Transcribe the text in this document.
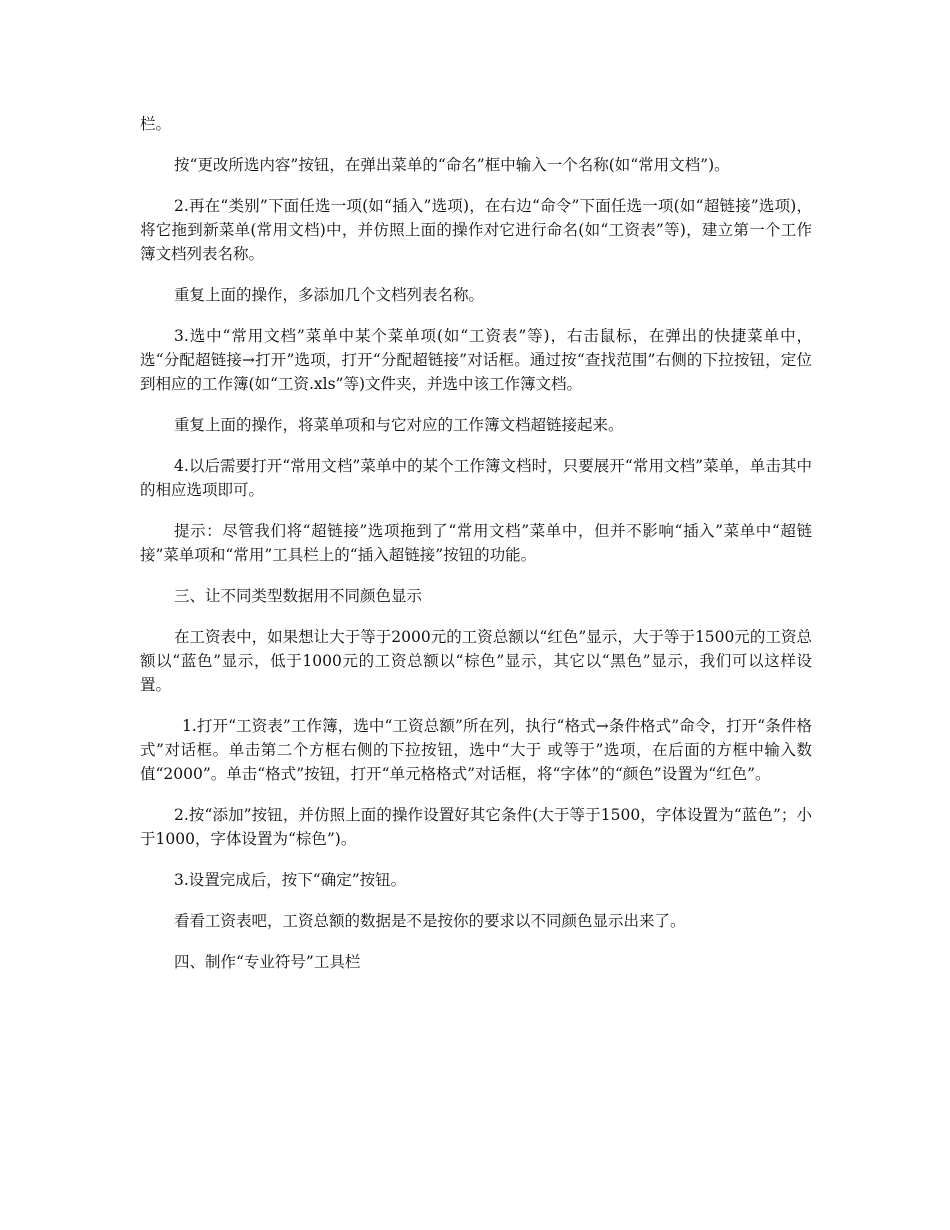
栏。

按“更改所选内容”按钮，在弹出菜单的“命名”框中输入一个名称(如“常用文档”)。

2.再在“类别”下面任选一项(如“插入”选项)，在右边“命令”下面任选一项(如“超链接”选项)，将它拖到新菜单(常用文档)中，并仿照上面的操作对它进行命名(如“工资表”等)，建立第一个工作簿文档列表名称。

重复上面的操作，多添加几个文档列表名称。

3.选中“常用文档”菜单中某个菜单项(如“工资表”等)，右击鼠标，在弹出的快捷菜单中，选“分配超链接→打开”选项，打开“分配超链接”对话框。通过按“查找范围”右侧的下拉按钮，定位到相应的工作簿(如“工资.xls”等)文件夹，并选中该工作簿文档。

重复上面的操作，将菜单项和与它对应的工作簿文档超链接起来。

4.以后需要打开“常用文档”菜单中的某个工作簿文档时，只要展开“常用文档”菜单，单击其中的相应选项即可。

提示：尽管我们将“超链接”选项拖到了“常用文档”菜单中，但并不影响“插入”菜单中“超链接”菜单项和“常用”工具栏上的“插入超链接”按钮的功能。

三、让不同类型数据用不同颜色显示

在工资表中，如果想让大于等于2000元的工资总额以“红色”显示，大于等于1500元的工资总额以“蓝色”显示，低于1000元的工资总额以“棕色”显示，其它以“黑色”显示，我们可以这样设置。

1.打开“工资表”工作簿，选中“工资总额”所在列，执行“格式→条件格式”命令，打开“条件格式”对话框。单击第二个方框右侧的下拉按钮，选中“大于 或等于”选项，在后面的方框中输入数值“2000”。单击“格式”按钮，打开“单元格格式”对话框，将“字体”的“颜色”设置为“红色”。

2.按“添加”按钮，并仿照上面的操作设置好其它条件(大于等于1500，字体设置为“蓝色”；小于1000，字体设置为“棕色”)。

3.设置完成后，按下“确定”按钮。

看看工资表吧，工资总额的数据是不是按你的要求以不同颜色显示出来了。

四、制作“专业符号”工具栏
